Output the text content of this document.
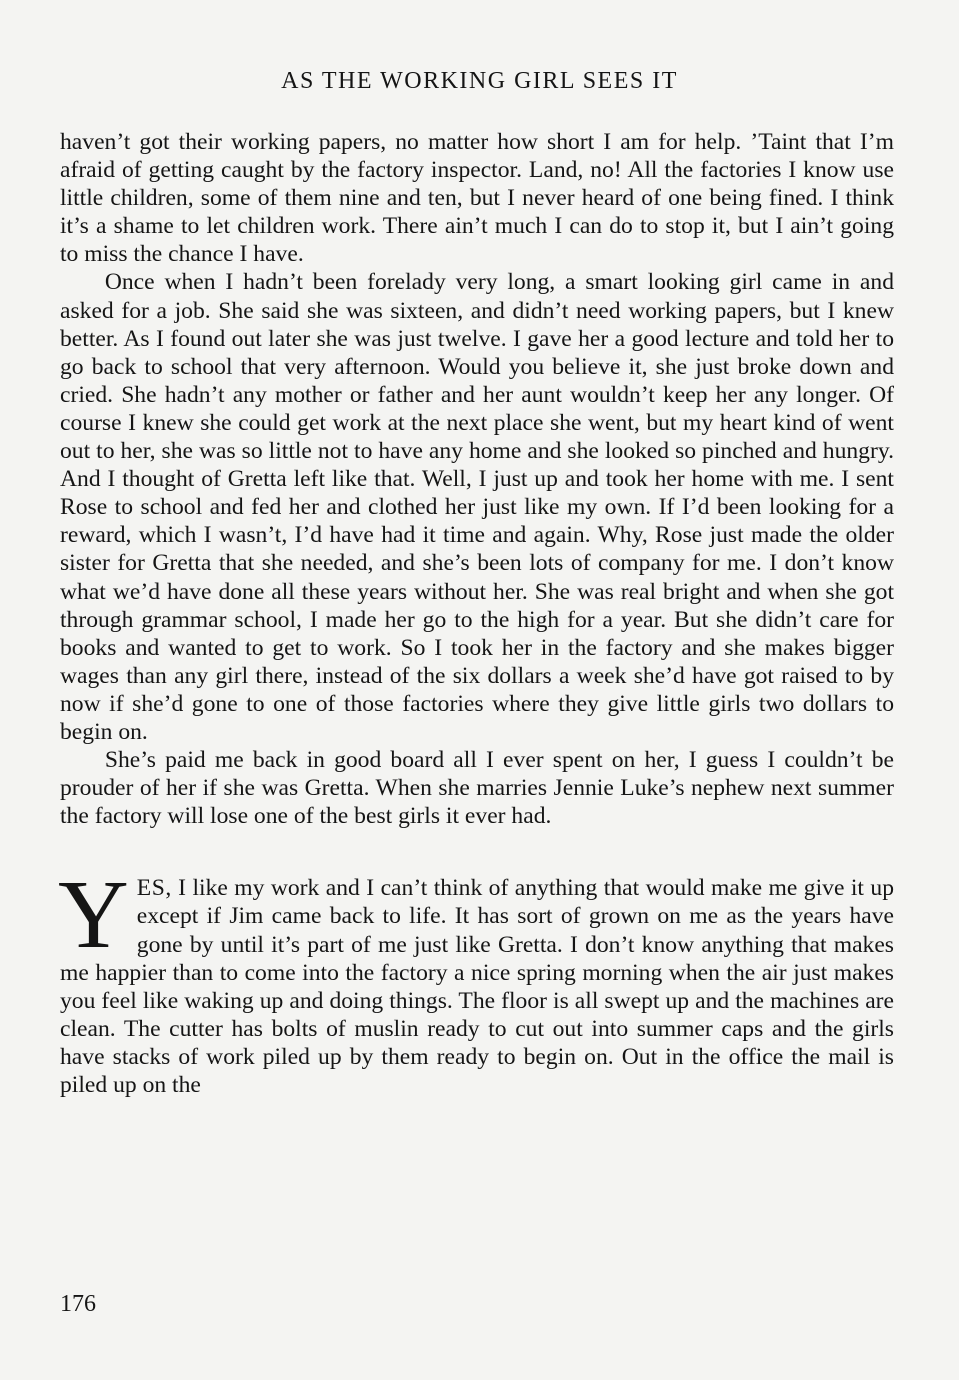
AS THE WORKING GIRL SEES IT

haven’t got their working papers, no matter how short I am for help. ’Taint that I’m afraid of getting caught by the factory inspector. Land, no! All the factories I know use little children, some of them nine and ten, but I never heard of one being fined. I think it’s a shame to let children work. There ain’t much I can do to stop it, but I ain’t going to miss the chance I have.

Once when I hadn’t been forelady very long, a smart looking girl came in and asked for a job. She said she was sixteen, and didn’t need working papers, but I knew better. As I found out later she was just twelve. I gave her a good lecture and told her to go back to school that very afternoon. Would you believe it, she just broke down and cried. She hadn’t any mother or father and her aunt wouldn’t keep her any longer. Of course I knew she could get work at the next place she went, but my heart kind of went out to her, she was so little not to have any home and she looked so pinched and hungry. And I thought of Gretta left like that. Well, I just up and took her home with me. I sent Rose to school and fed her and clothed her just like my own. If I’d been looking for a reward, which I wasn’t, I’d have had it time and again. Why, Rose just made the older sister for Gretta that she needed, and she’s been lots of company for me. I don’t know what we’d have done all these years without her. She was real bright and when she got through grammar school, I made her go to the high for a year. But she didn’t care for books and wanted to get to work. So I took her in the factory and she makes bigger wages than any girl there, instead of the six dollars a week she’d have got raised to by now if she’d gone to one of those factories where they give little girls two dollars to begin on.

She’s paid me back in good board all I ever spent on her, I guess I couldn’t be prouder of her if she was Gretta. When she marries Jennie Luke’s nephew next summer the factory will lose one of the best girls it ever had.

YES, I like my work and I can’t think of anything that would make me give it up except if Jim came back to life. It has sort of grown on me as the years have gone by until it’s part of me just like Gretta. I don’t know anything that makes me happier than to come into the factory a nice spring morning when the air just makes you feel like waking up and doing things. The floor is all swept up and the machines are clean. The cutter has bolts of muslin ready to cut out into summer caps and the girls have stacks of work piled up by them ready to begin on. Out in the office the mail is piled up on the

176
